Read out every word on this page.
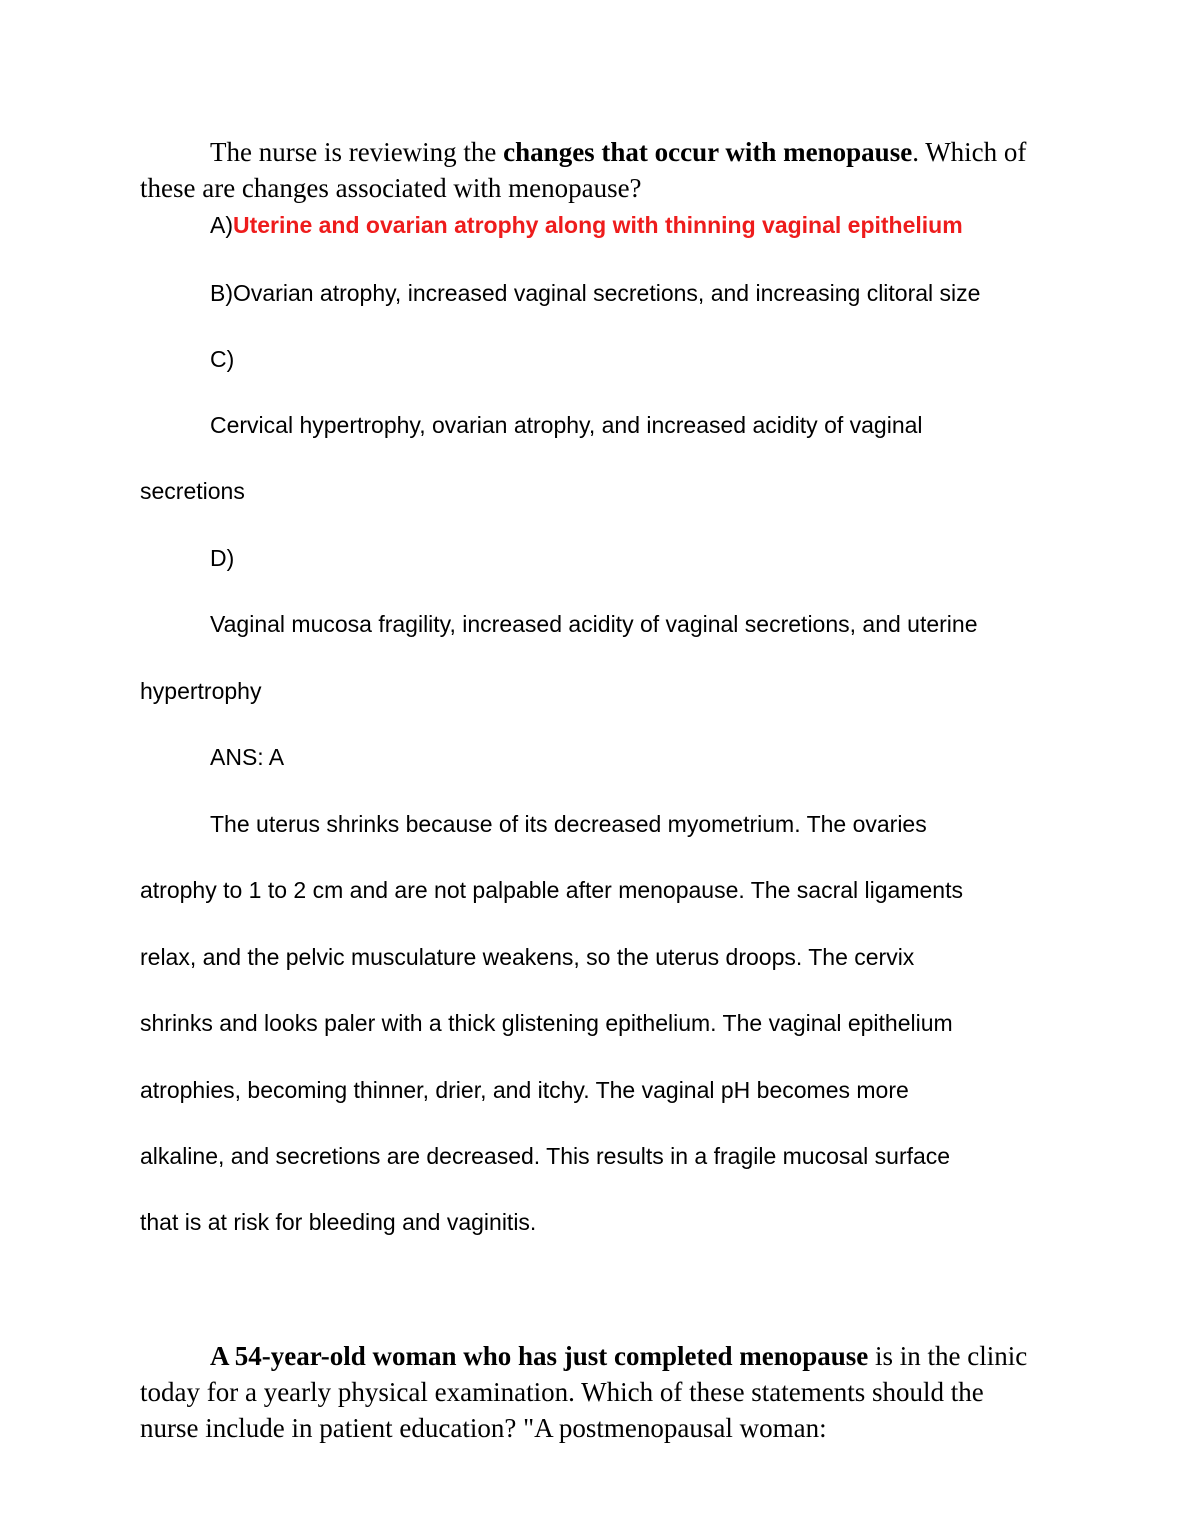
The nurse is reviewing the changes that occur with menopause. Which of
these are changes associated with menopause?

A)Uterine and ovarian atrophy along with thinning vaginal epithelium

B)Ovarian atrophy, increased vaginal secretions, and increasing clitoral size

C)

Cervical hypertrophy, ovarian atrophy, and increased acidity of vaginal

secretions

D)

Vaginal mucosa fragility, increased acidity of vaginal secretions, and uterine

hypertrophy

ANS: A

The uterus shrinks because of its decreased myometrium. The ovaries

atrophy to 1 to 2 cm and are not palpable after menopause. The sacral ligaments

relax, and the pelvic musculature weakens, so the uterus droops. The cervix

shrinks and looks paler with a thick glistening epithelium. The vaginal epithelium

atrophies, becoming thinner, drier, and itchy. The vaginal pH becomes more

alkaline, and secretions are decreased. This results in a fragile mucosal surface

that is at risk for bleeding and vaginitis.

A 54-year-old woman who has just completed menopause is in the clinic
today for a yearly physical examination. Which of these statements should the
nurse include in patient education? "A postmenopausal woman:
